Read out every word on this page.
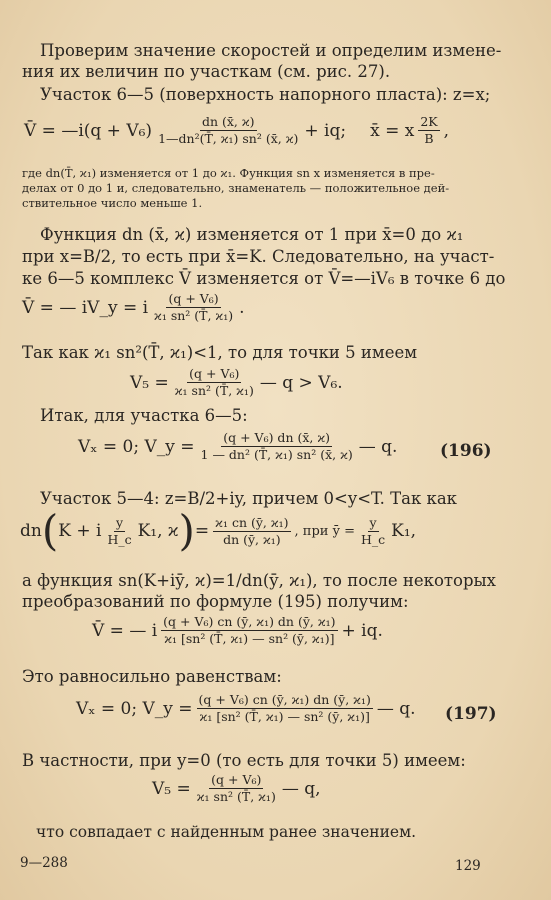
Проверим значение скоростей и определим измене-
ния их величин по участкам (см. рис. 27).
Участок 6—5 (поверхность напорного пласта): z=x;
V̄ = —i(q + $V_6) \frac{dn (x̄, ϰ)}{\text{1—dn²(T̄, ϰ₁) sn² (x̄, ϰ)}}$ + iq; x̄ = x $\frac{2K}{B}$ ,
где dn(T̄, ϰ₁) изменяется от 1 до ϰ₁. Функция sn x изменяется в пре-
делах от 0 до 1 и, следовательно, знаменатель — положительное дей-
ствительное число меньше 1.
Функция dn (x̄, ϰ) изменяется от 1 при x̄=0 до ϰ₁
при x=B/2, то есть при x̄=K. Следовательно, на участ-
ке 6—5 комплекс V̄ изменяется от V̄=—iV₆ в точке 6 до
V̄ = — iV_y = i $\frac{\text{(q + V₆)}}{\text{ϰ₁ sn² (T̄, ϰ₁)}}$ .
Так как ϰ₁ sn²(T̄, ϰ₁)<1, то для точки 5 имеем
$V_5 = \frac{\text{(q + V₆)}}{\text{ϰ₁ sn² (T̄, ϰ₁)}}$ — q > V₆.
Итак, для участка 6—5:
Vₓ = 0; V_y = $\frac{\text{(q + V₆) dn (x̄, ϰ)}}{\text{1 — dn² (T̄, ϰ₁) sn² (x̄, ϰ)}}$ — q.	(196)
Участок 5—4: z=B/2+iy, причем 0<y<T. Так как
dn ( K + i $\frac{y}{H\_c} K_1$, ϰ ) = $\frac{\text{ϰ₁ cn (ȳ, ϰ₁)}}{\text{dn (ȳ, ϰ₁)}}$ , при ȳ = $\frac{y}{H\_c} K_1$,
а функция sn(K+iȳ, ϰ)=1/dn(ȳ, ϰ₁), то после некоторых
преобразований по формуле (195) получим:
V̄ = — i $\frac{\text{(q + V₆) cn (ȳ, ϰ₁) dn (ȳ, ϰ₁)}}{\text{ϰ₁ [sn² (T̄, ϰ₁) — sn² (ȳ, ϰ₁)]}}$ + iq.
Это равносильно равенствам:
Vₓ = 0; V_y = $\frac{\text{(q + V₆) cn (ȳ, ϰ₁) dn (ȳ, ϰ₁)}}{\text{ϰ₁ [sn² (T̄, ϰ₁) — sn² (ȳ, ϰ₁)]}}$ — q. (197)
В частности, при y=0 (то есть для точки 5) имеем:
$V_5 = \frac{\text{(q + V₆)}}{\text{ϰ₁ sn² (T̄, ϰ₁)}}$ — q,
что совпадает с найденным ранее значением.
9—288	129
